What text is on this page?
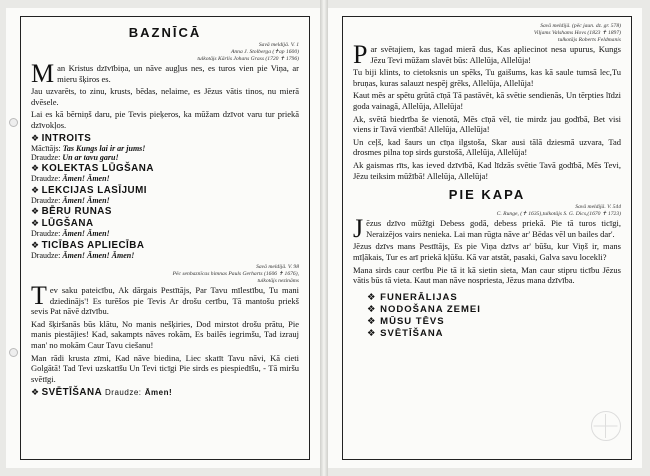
BAZNĪCĀ
Savā meldijā. V. 1
Anna J. Stolberga (✝ap 1600)
tulkotājs Kārlis Johans Grass (1720 ✝ 1796)

Man Kristus dzīvībiņa, un nāve augļus nes, es turos vien pie Viņa, ar mieru šķiros es.

Jau uzvarēts, to zinu, krusts, bēdas, nelaime, es Jēzus vātis tinos, nu mierā dvēsele.

Lai es kā bērniņš daru, pie Tevis pieķeros, ka mūžam dzīvot varu tur priekā dzīvokļos.

❖ INTROITS
Mācītājs: Tas Kungs lai ir ar jums!
Draudze: Un ar tavu garu!
❖ KOLEKTAS LŪGŠANA
Draudze: Āmen! Āmen!
❖ LEKCIJAS LASĪJUMI
Draudze: Āmen! Āmen!
❖ BĒRU RUNAS
❖ LŪGŠANA
Draudze: Āmen! Āmen!
❖ TICĪBAS APLIECĪBA
Draudze: Āmen! Āmen! Āmen!
Savā meldijā. V. 98
Pēc senbaznīcas himnas Pauls Gerharts (1606 ✝ 1676),
tulkotājs nezināms

Tev saku pateicību, Ak dārgais Pestītājs, Par Tavu mīlestību, Tu mani dziedinājs'! Es turēšos pie Tevis Ar drošu cerību, Tā mantošu priekš sevis Pat nāvē dzīvību.

Kad šķiršanās būs klātu, No manis nešķiries, Dod mirstot drošu prātu, Pie manis piestājies! Kad, sakampts nāves rokām, Es bailēs iegrimšu, Tad izrauj man' no mokām Caur Tavu ciešanu!

Man rādi krusta zīmi, Kad nāve biedina, Liec skatīt Tavu nāvi, Kā cieti Golgātā! Tad Tevi uzskatīšu Un Tevi ticīgi Pie sirds es piespiedīšu, - Tā miršu svētīgi.

❖ SVĒTĪŠANA Draudze: Āmen!
Savā meldijā. (pēc jaun. dz. gr. 578)
Viljams Valshams Hovs (1823 ✝ 1897)
tulkotājs Roberts Feldmanis

Par svētajiem, kas tagad mierā dus, Kas apliecinot nesa upurus, Kungs Jēzu Tevi mūžam slavēt būs: Allelūja, Allelūja!

Tu biji klints, to cietoksnis un spēks, Tu gaišums, kas kā saule tumsā lec,Tu bruņas, kuras salauzt nespēj grēks, Allelūja, Allelūja!

Kaut mēs ar spētu grūtā cīņā Tā pastāvēt, kā svētie sendienās, Un tērpties līdzi goda vainagā, Allelūja, Allelūja!

Ak, svētā biedrība še vienotā, Mēs cīņā vēl, tie mirdz jau godībā, Bet visi viens ir Tavā vienībā! Allelūja, Allelūja!

Un ceļš, kad šaurs un cīņa ilgstoša, Skar ausi tālā dziesmā uzvara, Tad drosmes pilna top sirds gurstošā, Allelūja, Allelūja!

Ak gaismas rīts, kas ieved dzīvībā, Kad līdzās svētie Tavā godībā, Mēs Tevi, Jēzu teiksim mūžībā! Allelūja, Allelūja!

PIE KAPA
Savā meldijā. V. 544
C. Runge, (✝ 1635),tulkotājs S. G. Dics,(1670 ✝ 1723)

Jēzus dzīvo mūžīgi Debess godā, debess priekā. Pie tā turos ticīgi, Neraizējos vairs nenieka. Lai man rūgta nāve ar' Bēdas vēl un bailes dar'.

Jēzus dzīvs mans Pestītājs, Es pie Viņa dzīvs ar' būšu, kur Viņš ir, mans mīļākais, Tur es arī priekā kļūšu. Kā var atstāt, pasaki, Galva savu locekli?

Mana sirds caur cerību Pie tā it kā sietin sieta, Man caur stipru ticību Jēzus vātis būs tā vieta. Kaut man nāve nospriesta, Jēzus mana dzīvība.

❖ FUNERĀLIJAS
❖ NODOŠANA ZEMEI
❖ MŪSU TĒVS
❖ SVĒTĪŠANA
